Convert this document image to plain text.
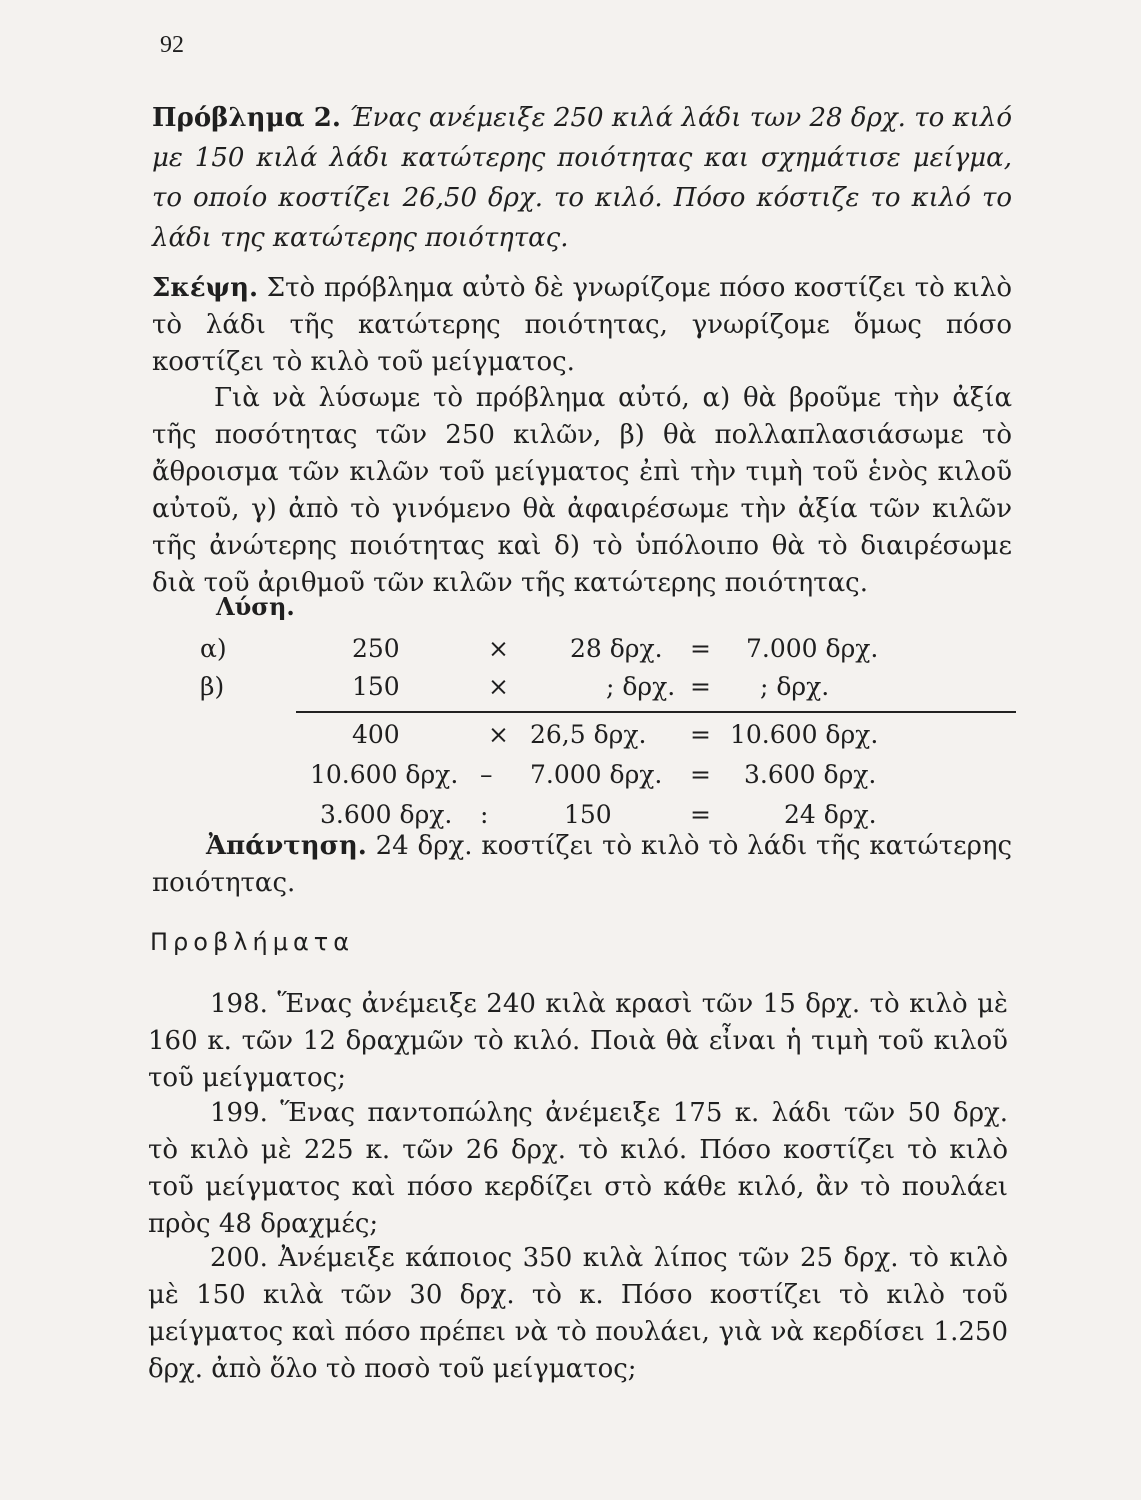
92

Πρόβλημα 2. Ένας ανέμειξε 250 κιλά λάδι των 28 δρχ. το κιλό με 150 κιλά λάδι κατώτερης ποιότητας και σχημάτισε μείγμα, το οποίο κοστίζει 26,50 δρχ. το κιλό. Πόσο κόστιζε το κιλό το λάδι της κατώτερης ποιότητας.

Σκέψη. Στὸ πρόβλημα αὐτὸ δὲ γνωρίζομε πόσο κοστίζει τὸ κιλὸ τὸ λάδι τῆς κατώτερης ποιότητας, γνωρίζομε ὅμως πόσο κοστίζει τὸ κιλὸ τοῦ μείγματος.

Γιὰ νὰ λύσωμε τὸ πρόβλημα αὐτό, α) θὰ βροῦμε τὴν ἀξία τῆς ποσότητας τῶν 250 κιλῶν, β) θὰ πολλαπλασιάσωμε τὸ ἄθροισμα τῶν κιλῶν τοῦ μείγματος ἐπὶ τὴν τιμὴ τοῦ ἑνὸς κιλοῦ αὐτοῦ, γ) ἀπὸ τὸ γινόμενο θὰ ἀφαιρέσωμε τὴν ἀξία τῶν κιλῶν τῆς ἀνώτερης ποιότητας καὶ δ) τὸ ὑπόλοιπο θὰ τὸ διαιρέσωμε διὰ τοῦ ἀριθμοῦ τῶν κιλῶν τῆς κατώτερης ποιότητας.

Λύση.
α)	250	× 28 δρχ. = 7.000 δρχ.
β)	150	×	; δρχ. = ; δρχ.
400	× 26,5 δρχ. = 10.600 δρχ.
10.600 δρχ. – 7.000 δρχ. = 3.600 δρχ.
3.600 δρχ. :	150	=	24 δρχ.

Ἀπάντηση. 24 δρχ. κοστίζει τὸ κιλὸ τὸ λάδι τῆς κατώτερης ποιότητας.

Προβλήματα

198. Ἕνας ἀνέμειξε 240 κιλὰ κρασὶ τῶν 15 δρχ. τὸ κιλὸ μὲ 160 κ. τῶν 12 δραχμῶν τὸ κιλό. Ποιὰ θὰ εἶναι ἡ τιμὴ τοῦ κιλοῦ τοῦ μείγματος;

199. Ἕνας παντοπώλης ἀνέμειξε 175 κ. λάδι τῶν 50 δρχ. τὸ κιλὸ μὲ 225 κ. τῶν 26 δρχ. τὸ κιλό. Πόσο κοστίζει τὸ κιλὸ τοῦ μείγματος καὶ πόσο κερδίζει στὸ κάθε κιλό, ἂν τὸ πουλάει πρὸς 48 δραχμές;

200. Ἀνέμειξε κάποιος 350 κιλὰ λίπος τῶν 25 δρχ. τὸ κιλὸ μὲ 150 κιλὰ τῶν 30 δρχ. τὸ κ. Πόσο κοστίζει τὸ κιλὸ τοῦ μείγματος καὶ πόσο πρέπει νὰ τὸ πουλάει, γιὰ νὰ κερδίσει 1.250 δρχ. ἀπὸ ὅλο τὸ ποσὸ τοῦ μείγματος;
